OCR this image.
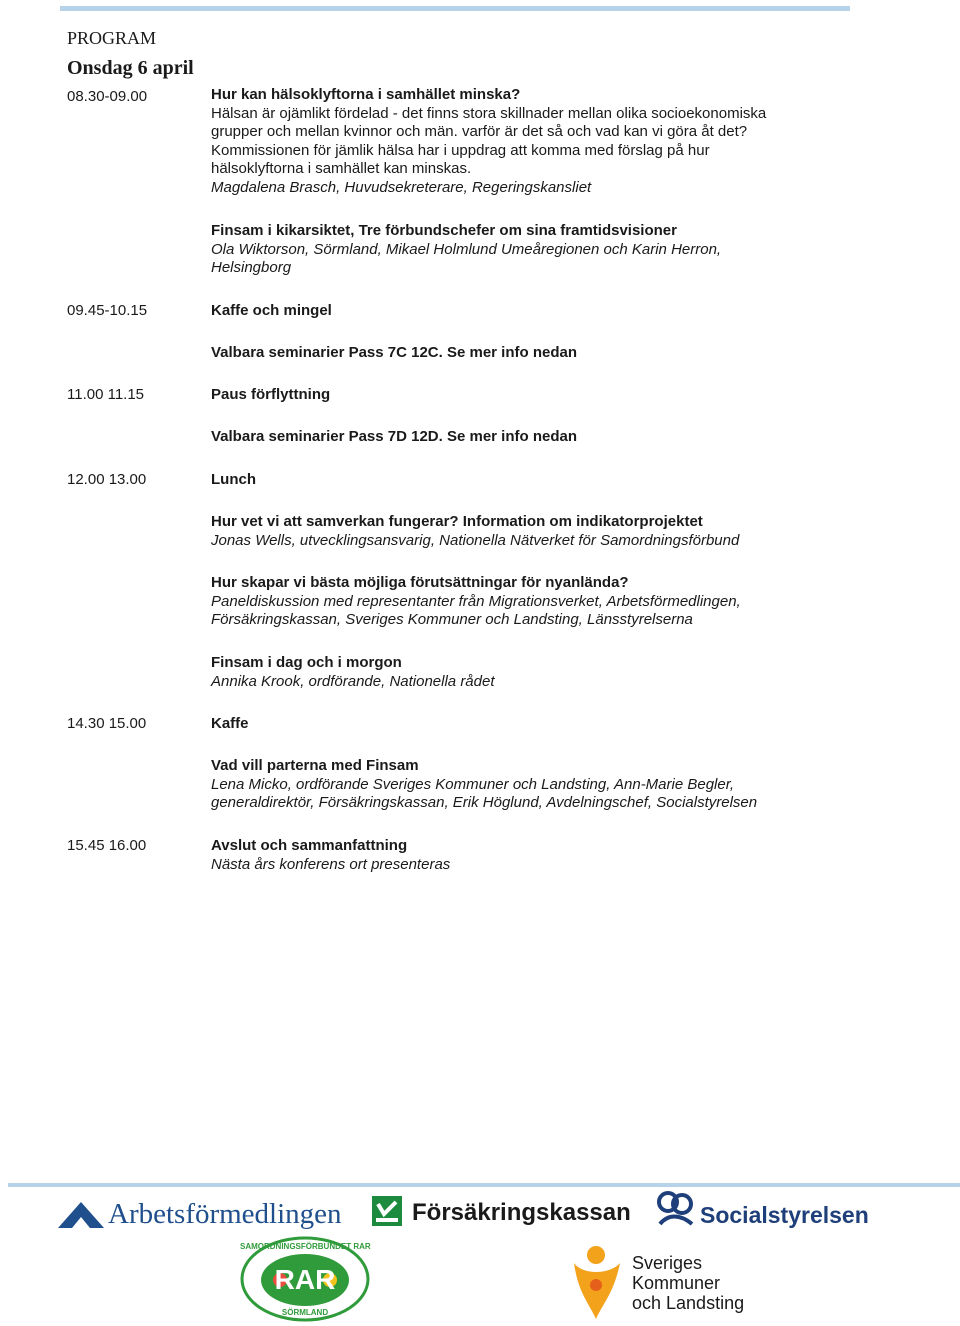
PROGRAM
Onsdag 6 april
08.30-09.00
09.45-10.15
11.00 11.15
12.00 13.00
14.30 15.00
15.45 16.00
Hur kan hälsoklyftorna i samhället minska?
Hälsan är ojämlikt fördelad - det finns stora skillnader mellan olika socioekonomiska
grupper och mellan kvinnor och män. varför är det så och vad kan vi göra åt det?
Kommissionen för jämlik hälsa har i uppdrag att komma med förslag på hur
hälsoklyftorna i samhället kan minskas.
Magdalena Brasch, Huvudsekreterare, Regeringskansliet
Finsam i kikarsiktet, Tre förbundschefer om sina framtidsvisioner
Ola Wiktorson, Sörmland, Mikael Holmlund Umeåregionen och Karin Herron,
Helsingborg
Kaffe och mingel
Valbara seminarier Pass 7C 12C. Se mer info nedan
Paus förflyttning
Valbara seminarier Pass 7D 12D. Se mer info nedan
Lunch
Hur vet vi att samverkan fungerar? Information om indikatorprojektet
Jonas Wells, utvecklingsansvarig, Nationella Nätverket för Samordningsförbund
Hur skapar vi bästa möjliga förutsättningar för nyanlända?
Paneldiskussion med representanter från Migrationsverket, Arbetsförmedlingen,
Försäkringskassan, Sveriges Kommuner och Landsting, Länsstyrelserna
Finsam i dag och i morgon
Annika Krook, ordförande, Nationella rådet
Kaffe
Vad vill parterna med Finsam
Lena Micko, ordförande Sveriges Kommuner och Landsting, Ann-Marie Begler,
generaldirektör, Försäkringskassan, Erik Höglund, Avdelningschef, Socialstyrelsen
Avslut och sammanfattning
Nästa års konferens ort presenteras
Arbetsförmedlingen	Försäkringskassan	Socialstyrelsen
SAMORDNINGSFÖRBUNDET RAR
RAR
SÖRMLAND
Sveriges
Kommuner
och Landsting
